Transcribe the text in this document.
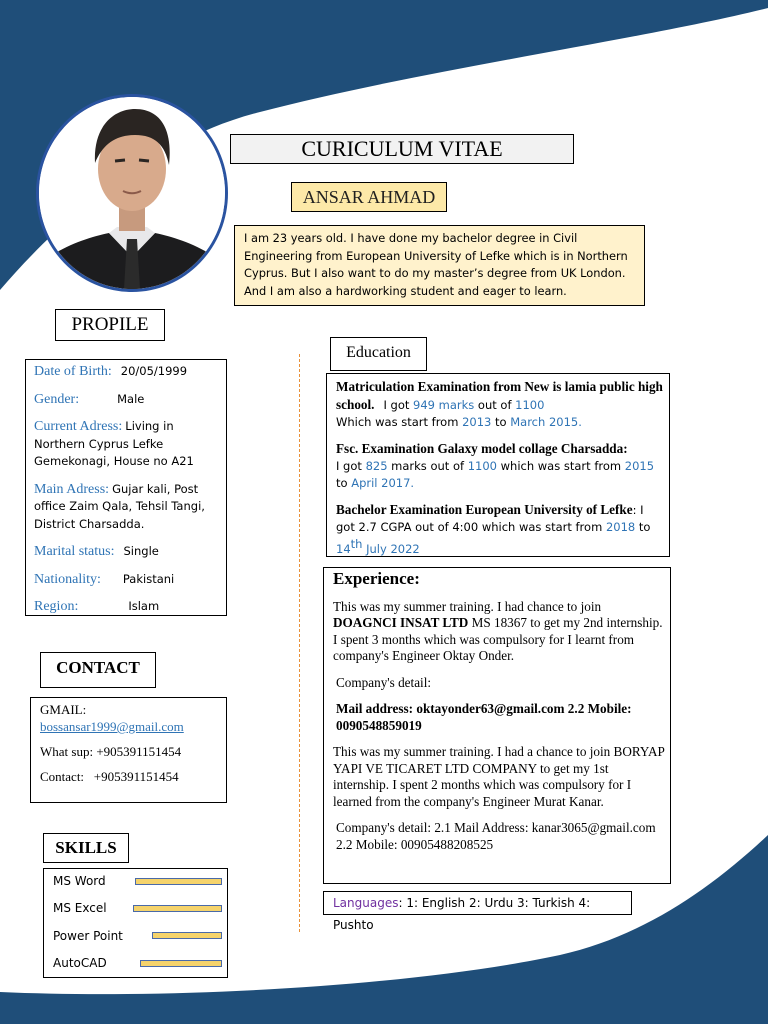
CURICULUM VITAE
ANSAR AHMAD
I am 23 years old. I have done my bachelor degree in Civil Engineering from European University of Lefke which is in Northern Cyprus. But I also want to do my master’s degree from UK London. And I am also a hardworking student and eager to learn.
PROPILE
Date of Birth: 20/05/1999
Gender:	Male
Current Adress: Living in Northern Cyprus Lefke Gemekonagi, House no A21
Main Adress: Gujar kali, Post office Zaim Qala, Tehsil Tangi, District Charsadda.
Marital status: Single
Nationality: Pakistani
Region:	Islam
CONTACT
GMAIL:
bossansar1999@gmail.com
What sup: +905391151454
Contact: +905391151454
SKILLS
MS Word
MS Excel
Power Point
AutoCAD
Education

Matriculation Examination from New is lamia public high school. I got 949 marks out of 1100
Which was start from 2013 to March 2015.

Fsc. Examination Galaxy model collage Charsadda:
I got 825 marks out of 1100 which was start from 2015
to April 2017.

Bachelor Examination European University of Lefke: I got 2.7 CGPA out of 4:00 which was start from 2018 to 14th July 2022

Experience:

This was my summer training. I had chance to join DOAGNCI INSAT LTD MS 18367 to get my 2nd internship. I spent 3 months which was compulsory for I learnt from company's Engineer Oktay Onder.

Company's detail:

Mail address: oktayonder63@gmail.com 2.2 Mobile: 0090548859019

This was my summer training. I had a chance to join BORYAP YAPI VE TICARET LTD COMPANY to get my 1st internship. I spent 2 months which was compulsory for I learned from the company's Engineer Murat Kanar.

Company's detail: 2.1 Mail Address: kanar3065@gmail.com 2.2 Mobile: 00905488208525

Languages: 1: English 2: Urdu 3: Turkish 4: Pushto
